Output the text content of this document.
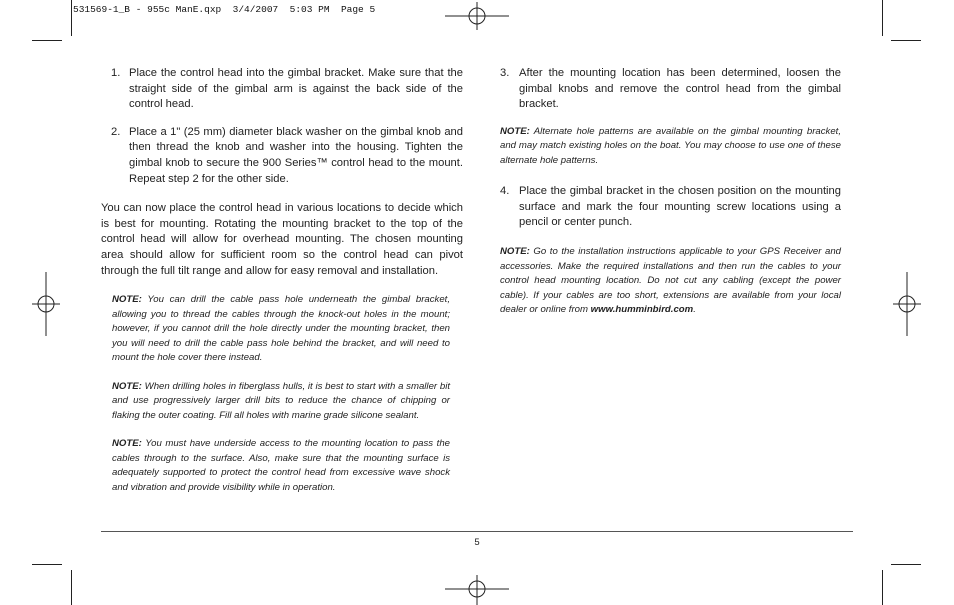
531569-1_B - 955c ManE.qxp  3/4/2007  5:03 PM  Page 5
1. Place the control head into the gimbal bracket. Make sure that the straight side of the gimbal arm is against the back side of the control head.
2. Place a 1" (25 mm) diameter black washer on the gimbal knob and then thread the knob and washer into the housing. Tighten the gimbal knob to secure the 900 Series™ control head to the mount. Repeat step 2 for the other side.
You can now place the control head in various locations to decide which is best for mounting. Rotating the mounting bracket to the top of the control head will allow for overhead mounting. The chosen mounting area should allow for sufficient room so the control head can pivot through the full tilt range and allow for easy removal and installation.
NOTE: You can drill the cable pass hole underneath the gimbal bracket, allowing you to thread the cables through the knock-out holes in the mount; however, if you cannot drill the hole directly under the mounting bracket, then you will need to drill the cable pass hole behind the bracket, and will need to mount the hole cover there instead.
NOTE: When drilling holes in fiberglass hulls, it is best to start with a smaller bit and use progressively larger drill bits to reduce the chance of chipping or flaking the outer coating. Fill all holes with marine grade silicone sealant.
NOTE: You must have underside access to the mounting location to pass the cables through to the surface. Also, make sure that the mounting surface is adequately supported to protect the control head from excessive wave shock and vibration and provide visibility while in operation.
3. After the mounting location has been determined, loosen the gimbal knobs and remove the control head from the gimbal bracket.
NOTE: Alternate hole patterns are available on the gimbal mounting bracket, and may match existing holes on the boat. You may choose to use one of these alternate hole patterns.
4. Place the gimbal bracket in the chosen position on the mounting surface and mark the four mounting screw locations using a pencil or center punch.
NOTE: Go to the installation instructions applicable to your GPS Receiver and accessories. Make the required installations and then run the cables to your control head mounting location. Do not cut any cabling (except the power cable). If your cables are too short, extensions are available from your local dealer or online from www.humminbird.com.
5
